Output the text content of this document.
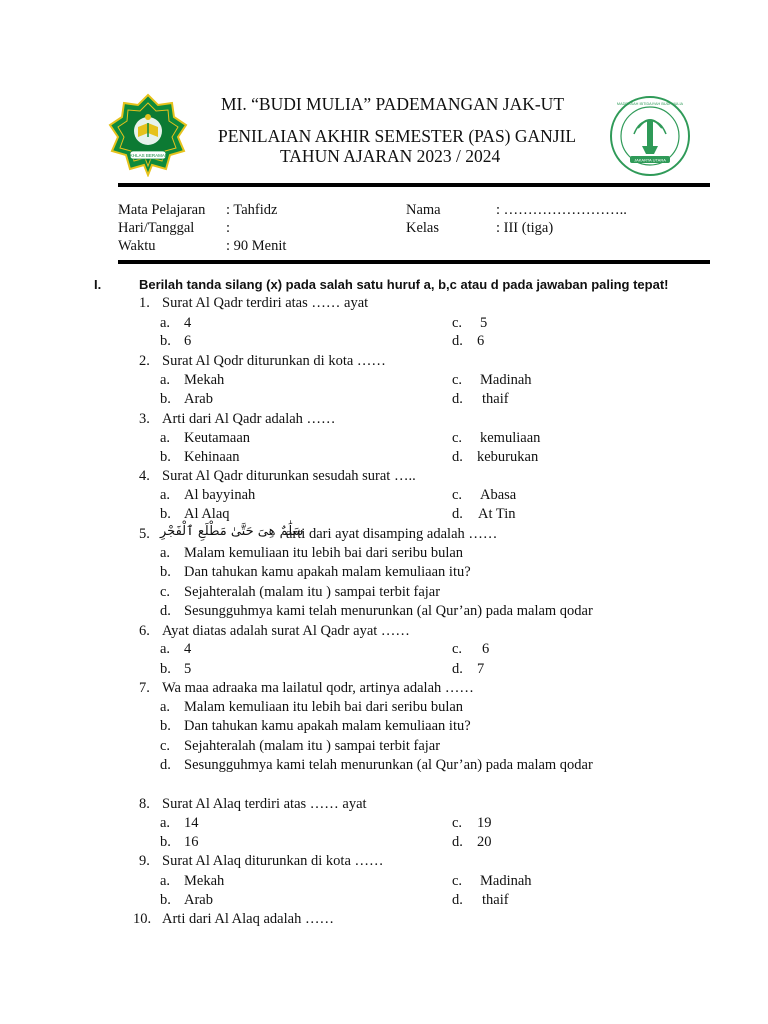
IKHLAS BERAMAL
JAKARTA UTARA
MADRASAH IBTIDAIYAH BUDI MULIA
MI. “BUDI MULIA” PADEMANGAN JAK-UT
PENILAIAN AKHIR SEMESTER (PAS) GANJIL
TAHUN AJARAN 2023 / 2024
Mata Pelajaran : Tahfidz
Hari/Tanggal :
Waktu	: 90 Menit
Nama	: ……………………..
Kelas	: III (tiga)
I.	Berilah tanda silang (x) pada salah satu huruf a, b,c atau d pada jawaban paling tepat!
1. Surat Al Qadr terdiri atas …… ayat
a. 4
b. 6
c. 5
d. 6
2. Surat Al Qodr diturunkan di kota ……
a. Mekah
b. Arab
c. Madinah
d. thaif
3. Arti dari Al Qadr adalah ……
a. Keutamaan
b. Kehinaan
c. kemuliaan
d. keburukan
4. Surat Al Qadr diturunkan sesudah surat …..
a. Al bayyinah
b. Al Alaq
c. Abasa
d. At Tin
5. سَلَٰمٌ هِىَ حَتَّىٰ مَطْلَعِ ٱلْفَجْرِ
arti dari ayat disamping adalah ……
a. Malam kemuliaan itu lebih bai dari seribu bulan
b. Dan tahukan kamu apakah malam kemuliaan itu?
c. Sejahteralah (malam itu ) sampai terbit fajar
d. Sesungguhmya kami telah menurunkan (al Qur’an) pada malam qodar
6. Ayat diatas adalah surat Al Qadr ayat ……
a. 4
b. 5
c. 6
d. 7
7. Wa maa adraaka ma lailatul qodr, artinya adalah ……
a. Malam kemuliaan itu lebih bai dari seribu bulan
b. Dan tahukan kamu apakah malam kemuliaan itu?
c. Sejahteralah (malam itu ) sampai terbit fajar
d. Sesungguhmya kami telah menurunkan (al Qur’an) pada malam qodar
8. Surat Al Alaq terdiri atas …… ayat
a. 14
b. 16
c. 19
d. 20
9. Surat Al Alaq diturunkan di kota ……
a. Mekah
b. Arab
c. Madinah
d. thaif
10. Arti dari Al Alaq adalah ……
